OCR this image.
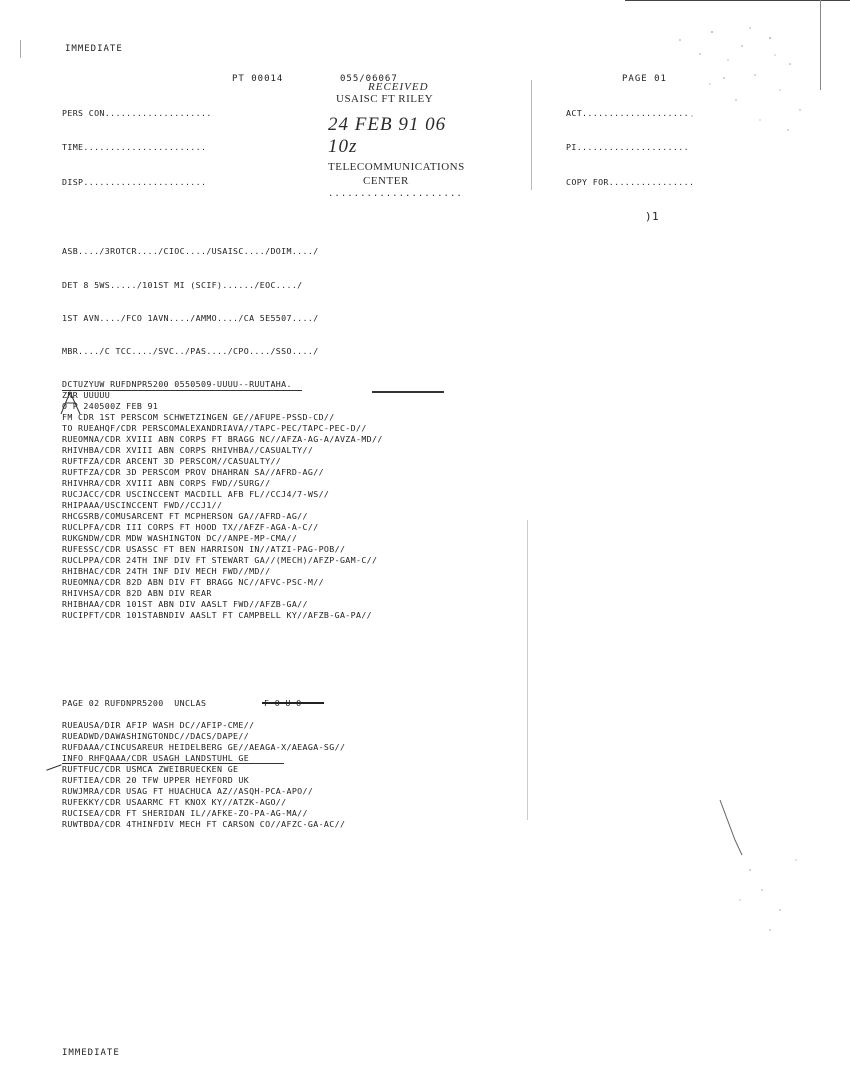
IMMEDIATE
PT 00014	055/06067	PAGE 01
PERS CON....................
TIME.......................
DISP.......................
ACT....................
PI.....................
COPY FOR................
RECEIVED
USAISC FT RILEY
24 FEB 91 06 10z
TELECOMMUNICATIONS
CENTER
.....................
ASB..../3ROTCR..../CIOC..../USAISC..../DOIM..../
DET 8 5WS...../101ST MI (SCIF)....../EOC..../
1ST AVN..../FCO 1AVN..../AMMO..../CA 5E5507..../
MBR..../C TCC..../SVC../PAS..../CPO..../SSO..../
DCTUZYUW RUFDNPR5200 0550509-UUUU--RUUTAHA.
ZNR UUUUU
O P 240500Z FEB 91
FM CDR 1ST PERSCOM SCHWETZINGEN GE//AFUPE-PSSD-CD//
TO RUEAHQF/CDR PERSCOMALEXANDRIAVA//TAPC-PEC/TAPC-PEC-D//
RUEOMNA/CDR XVIII ABN CORPS FT BRAGG NC//AFZA-AG-A/AVZA-MD//
RHIVHBA/CDR XVIII ABN CORPS RHIVHBA//CASUALTY//
RUFTFZA/CDR ARCENT 3D PERSCOM//CASUALTY//
RUFTFZA/CDR 3D PERSCOM PROV DHAHRAN SA//AFRD-AG//
RHIVHRA/CDR XVIII ABN CORPS FWD//SURG//
RUCJACC/CDR USCINCCENT MACDILL AFB FL//CCJ4/7-WS//
RHIPAAA/USCINCCENT FWD//CCJ1//
RHCGSRB/COMUSARCENT FT MCPHERSON GA//AFRD-AG//
RUCLPFA/CDR III CORPS FT HOOD TX//AFZF-AGA-A-C//
RUKGNDW/CDR MDW WASHINGTON DC//ANPE-MP-CMA//
RUFESSC/CDR USASSC FT BEN HARRISON IN//ATZI-PAG-POB//
RUCLPPA/CDR 24TH INF DIV FT STEWART GA//(MECH)/AFZP-GAM-C//
RHIBHAC/CDR 24TH INF DIV MECH FWD//MD//
RUEOMNA/CDR 82D ABN DIV FT BRAGG NC//AFVC-PSC-M//
RHIVHSA/CDR 82D ABN DIV REAR
RHIBHAA/CDR 101ST ABN DIV AASLT FWD//AFZB-GA//
RUCIPFT/CDR 101STABNDIV AASLT FT CAMPBELL KY//AFZB-GA-PA//
PAGE 02 RUFDNPR5200  UNCLAS
RUEAUSA/DIR AFIP WASH DC//AFIP-CME//
RUEADWD/DAWASHINGTONDC//DACS/DAPE//
RUFDAAA/CINCUSAREUR HEIDELBERG GE//AEAGA-X/AEAGA-SG//
INFO RHFQAAA/CDR USAGH LANDSTUHL GE
RUFTFUC/CDR USMCA ZWEIBRUECKEN GE
RUFTIEA/CDR 20 TFW UPPER HEYFORD UK
RUWJMRA/CDR USAG FT HUACHUCA AZ//ASQH-PCA-APO//
RUFEKKY/CDR USAARMC FT KNOX KY//ATZK-AGO//
RUCISEA/CDR FT SHERIDAN IL//AFKE-ZO-PA-AG-MA//
RUWTBDA/CDR 4THINFDIV MECH FT CARSON CO//AFZC-GA-AC//
IMMEDIATE
)1
